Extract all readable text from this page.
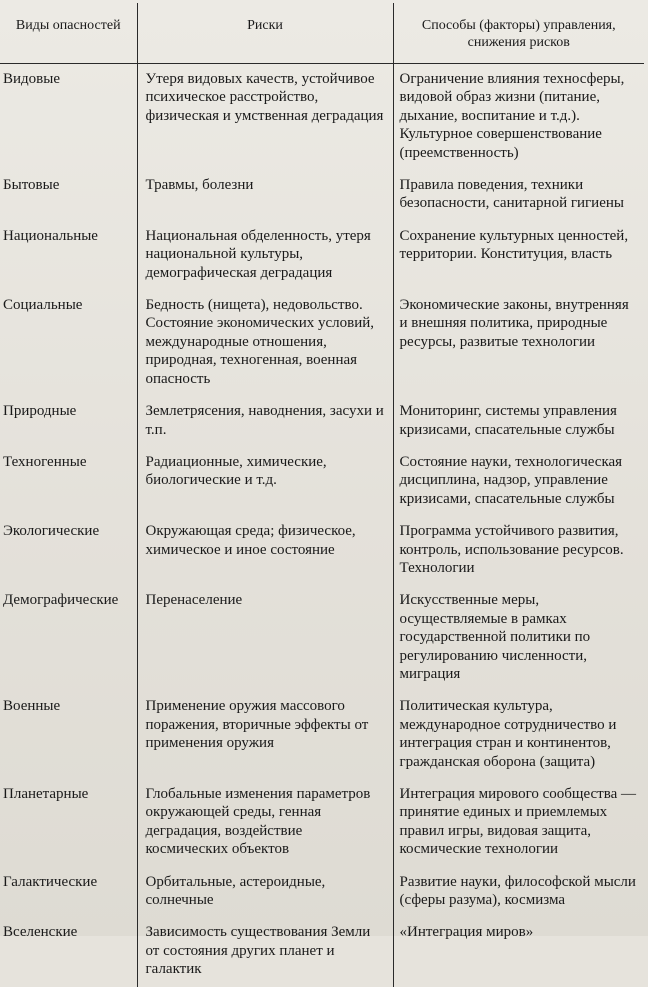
Виды опасностей	Риски	Способы (факторы) управления, снижения рисков
Видовые	Утеря видовых качеств, устойчивое психическое расстройство, физическая и умственная деградация	Ограничение влияния техносферы, видовой образ жизни (питание, дыхание, воспитание и т.д.). Культурное совершенствование (преемственность)
Бытовые	Травмы, болезни	Правила поведения, техники безопасности, санитарной гигиены
Национальные	Национальная обделенность, утеря национальной культуры, демографическая деградация	Сохранение культурных ценностей, территории. Конституция, власть
Социальные	Бедность (нищета), недовольство. Состояние экономических условий, международные отношения, природная, техногенная, военная опасность	Экономические законы, внутренняя и внешняя политика, природные ресурсы, развитые технологии
Природные	Землетрясения, наводнения, засухи и т.п.	Мониторинг, системы управления кризисами, спасательные службы
Техногенные	Радиационные, химические, биологические и т.д.	Состояние науки, технологическая дисциплина, надзор, управление кризисами, спасательные службы
Экологические	Окружающая среда; физическое, химическое и иное состояние	Программа устойчивого развития, контроль, использование ресурсов. Технологии
Демографические	Перенаселение	Искусственные меры, осуществляемые в рамках государственной политики по регулированию численности, миграция
Военные	Применение оружия массового поражения, вторичные эффекты от применения оружия	Политическая культура, международное сотрудничество и интеграция стран и континентов, гражданская оборона (защита)
Планетарные	Глобальные изменения параметров окружающей среды, генная деградация, воздействие космических объектов	Интеграция мирового сообщества — принятие единых и приемлемых правил игры, видовая защита, космические технологии
Галактические	Орбитальные, астероидные, солнечные	Развитие науки, философской мысли (сферы разума), космизма
Вселенские	Зависимость существования Земли от состояния других планет и галактик	«Интеграция миров»
